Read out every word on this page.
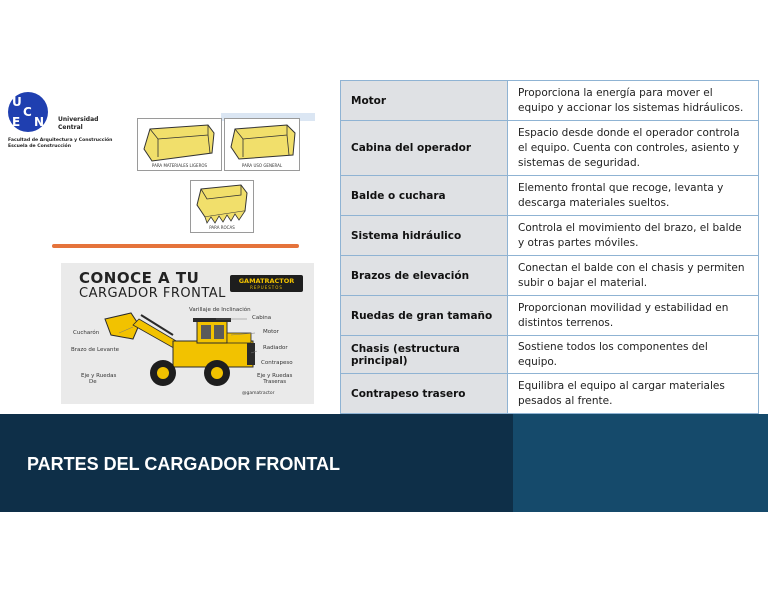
U
C
E N Universidad
Central
Facultad de Arquitectura y Construcción
Escuela de Construcción
PARA MATERIALES LIGEROS	PARA USO GENERAL
PARA ROCAS
CONOCE A TU
CARGADOR FRONTAL
GAMATRACTOR
REPUESTOS
Varillaje de Inclinación
Cabina
Cucharón	Motor
Brazo de Levante	Radiador
Contrapeso
Eje y Ruedas
De
Eje y Ruedas
Traseras
@gamatractor
Motor	Proporciona la energía para mover el equipo y accionar los sistemas hidráulicos.
Cabina del operador	Espacio desde donde el operador controla el equipo. Cuenta con controles, asiento y sistemas de seguridad.
Balde o cuchara	Elemento frontal que recoge, levanta y descarga materiales sueltos.
Sistema hidráulico	Controla el movimiento del brazo, el balde y otras partes móviles.
Brazos de elevación	Conectan el balde con el chasis y permiten subir o bajar el material.
Ruedas de gran tamaño	Proporcionan movilidad y estabilidad en distintos terrenos.
Chasis (estructura principal)	Sostiene todos los componentes del equipo.
Contrapeso trasero	Equilibra el equipo al cargar materiales pesados al frente.
PARTES DEL CARGADOR FRONTAL
